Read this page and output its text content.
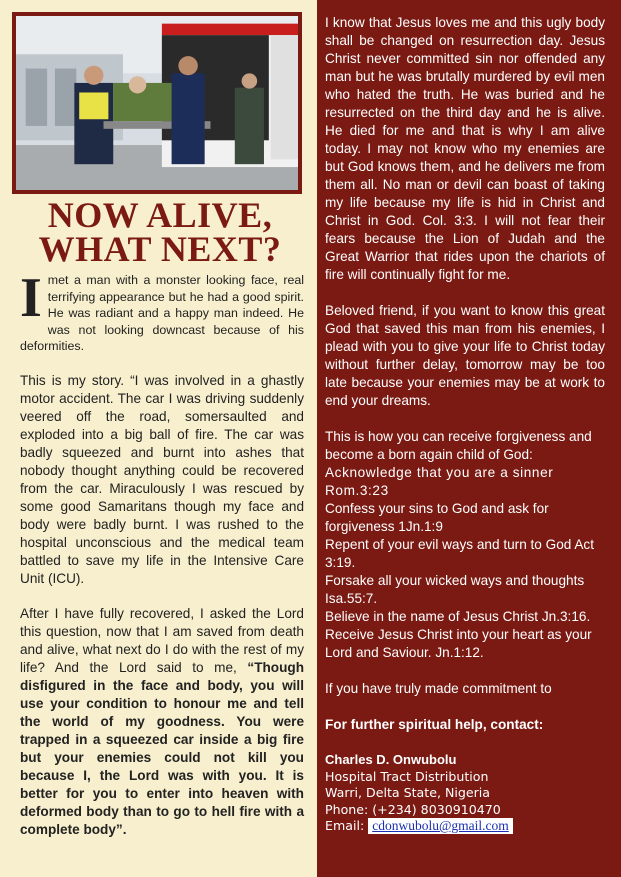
NOW ALIVE,
WHAT NEXT?
I met a man with a monster looking face, real terrifying appearance but he had a good spirit. He was radiant and a happy man indeed. He was not looking downcast because of his deformities.

This is my story. “I was involved in a ghastly motor accident. The car I was driving suddenly veered off the road, somersaulted and exploded into a big ball of fire. The car was badly squeezed and burnt into ashes that nobody thought anything could be recovered from the car. Miraculously I was rescued by some good Samaritans though my face and body were badly burnt. I was rushed to the hospital unconscious and the medical team battled to save my life in the Intensive Care Unit (ICU).

After I have fully recovered, I asked the Lord this question, now that I am saved from death and alive, what next do I do with the rest of my life? And the Lord said to me, “Though disfigured in the face and body, you will use your condition to honour me and tell the world of my goodness. You were trapped in a squeezed car inside a big fire but your enemies could not kill you because I, the Lord was with you. It is better for you to enter into heaven with deformed body than to go to hell fire with a complete body”.

I know that Jesus loves me and this ugly body shall be changed on resurrection day. Jesus Christ never committed sin nor offended any man but he was brutally murdered by evil men who hated the truth. He was buried and he resurrected on the third day and he is alive. He died for me and that is why I am alive today. I may not know who my enemies are but God knows them, and he delivers me from them all. No man or devil can boast of taking my life because my life is hid in Christ and Christ in God. Col. 3:3. I will not fear their fears because the Lion of Judah and the Great Warrior that rides upon the chariots of fire will continually fight for me.

Beloved friend, if you want to know this great God that saved this man from his enemies, I plead with you to give your life to Christ today without further delay, tomorrow may be too late because your enemies may be at work to end your dreams.

This is how you can receive forgiveness and become a born again child of God:
Acknowledge that you are a sinner Rom.3:23
Confess your sins to God and ask for forgiveness 1Jn.1:9
Repent of your evil ways and turn to God Act 3:19.
Forsake all your wicked ways and thoughts Isa.55:7.
Believe in the name of Jesus Christ Jn.3:16.
Receive Jesus Christ into your heart as your Lord and Saviour. Jn.1:12.

If you have truly made commitment to

For further spiritual help, contact:

Charles D. Onwubolu
Hospital Tract Distribution
Warri, Delta State, Nigeria
Phone: (+234) 8030910470
Email: cdonwubolu@gmail.com
